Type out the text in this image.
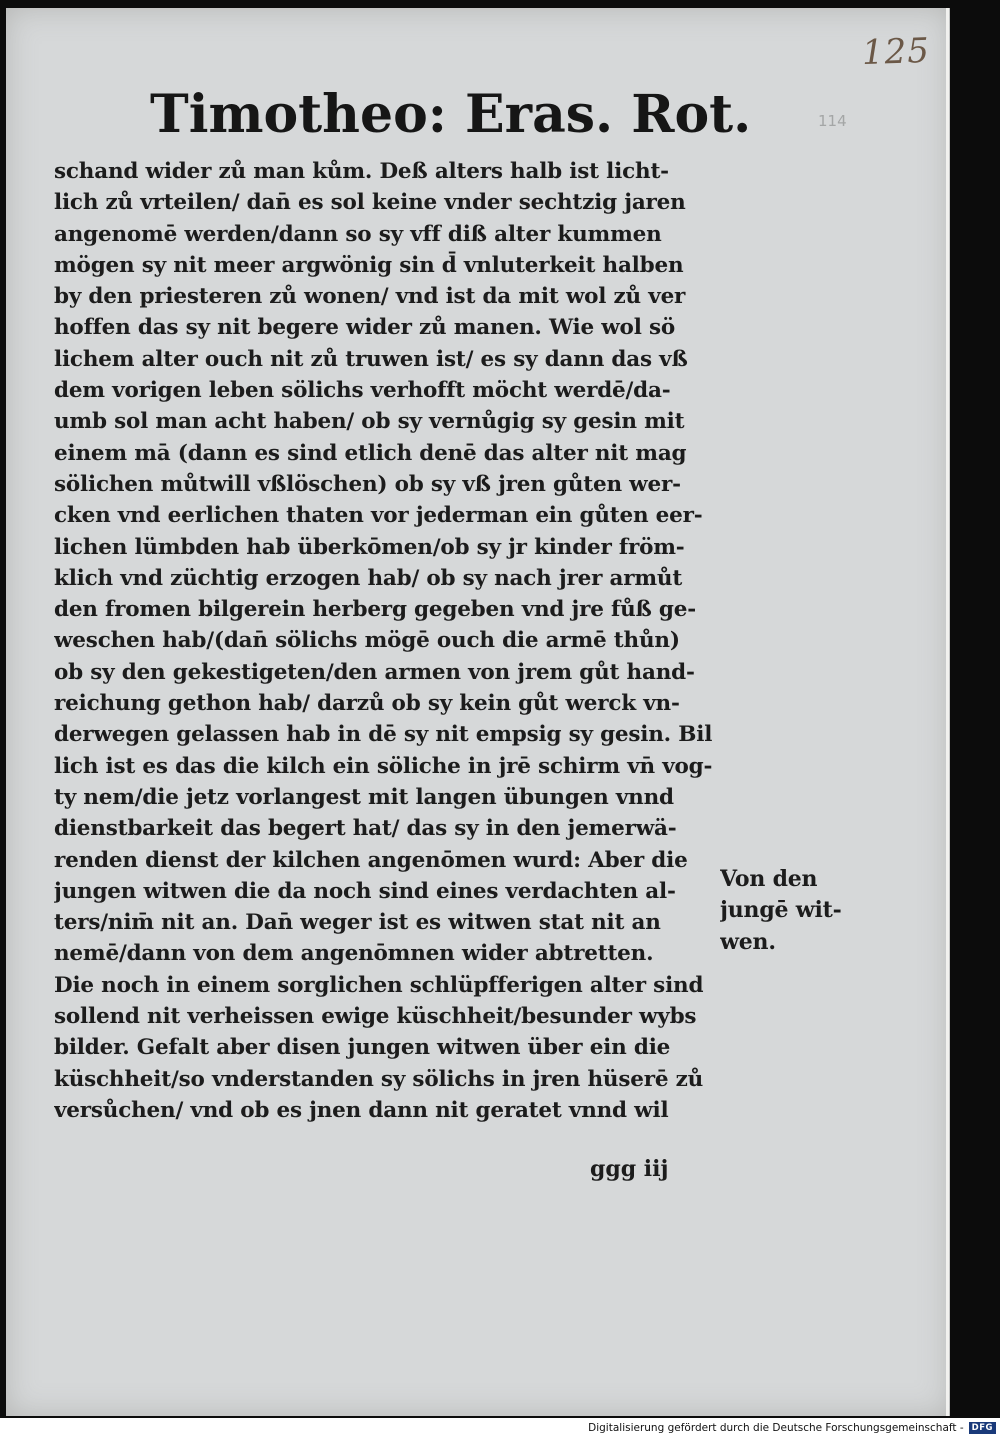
125
114
Timotheo: Eras. Rot.
schand wider zů man kům. Deß alters halb ist licht-
lich zů vrteilen/ dan̄ es sol keine vnder sechtzig jaren
angenomē werden/dann so sy vff diß alter kummen
mögen sy nit meer argwönig sin d̄ vnluterkeit halben
by den priesteren zů wonen/ vnd ist da mit wol zů ver
hoffen das sy nit begere wider zů manen. Wie wol sö
lichem alter ouch nit zů truwen ist/ es sy dann das vß
dem vorigen leben sölichs verhofft möcht werdē/da-
umb sol man acht haben/ ob sy vernůgig sy gesin mit
einem mā (dann es sind etlich denē das alter nit mag
sölichen můtwill vßlöschen) ob sy vß jren gůten wer-
cken vnd eerlichen thaten vor jederman ein gůten eer-
lichen lümbden hab überkōmen/ob sy jr kinder fröm-
klich vnd züchtig erzogen hab/ ob sy nach jrer armůt
den fromen bilgerein herberg gegeben vnd jre fůß ge-
weschen hab/(dan̄ sölichs mögē ouch die armē thůn)
ob sy den gekestigeten/den armen von jrem gůt hand-
reichung gethon hab/ darzů ob sy kein gůt werck vn-
derwegen gelassen hab in dē sy nit empsig sy gesin. Bil
lich ist es das die kilch ein söliche in jrē schirm vn̄ vog-
ty nem/die jetz vorlangest mit langen übungen vnnd
dienstbarkeit das begert hat/ das sy in den jemerwä-
renden dienst der kilchen angenōmen wurd: Aber die
jungen witwen die da noch sind eines verdachten al-
ters/nim̄ nit an. Dan̄ weger ist es witwen stat nit an
nemē/dann von dem angenōmnen wider abtretten.
Die noch in einem sorglichen schlüpfferigen alter sind
sollend nit verheissen ewige küschheit/besunder wybs
bilder. Gefalt aber disen jungen witwen über ein die
küschheit/so vnderstanden sy sölichs in jren hüserē zů
versůchen/ vnd ob es jnen dann nit geratet vnnd wil
Von den
jungē wit-
wen.
ggg iij
Digitalisierung gefördert durch die Deutsche Forschungsgemeinschaft - DFG
